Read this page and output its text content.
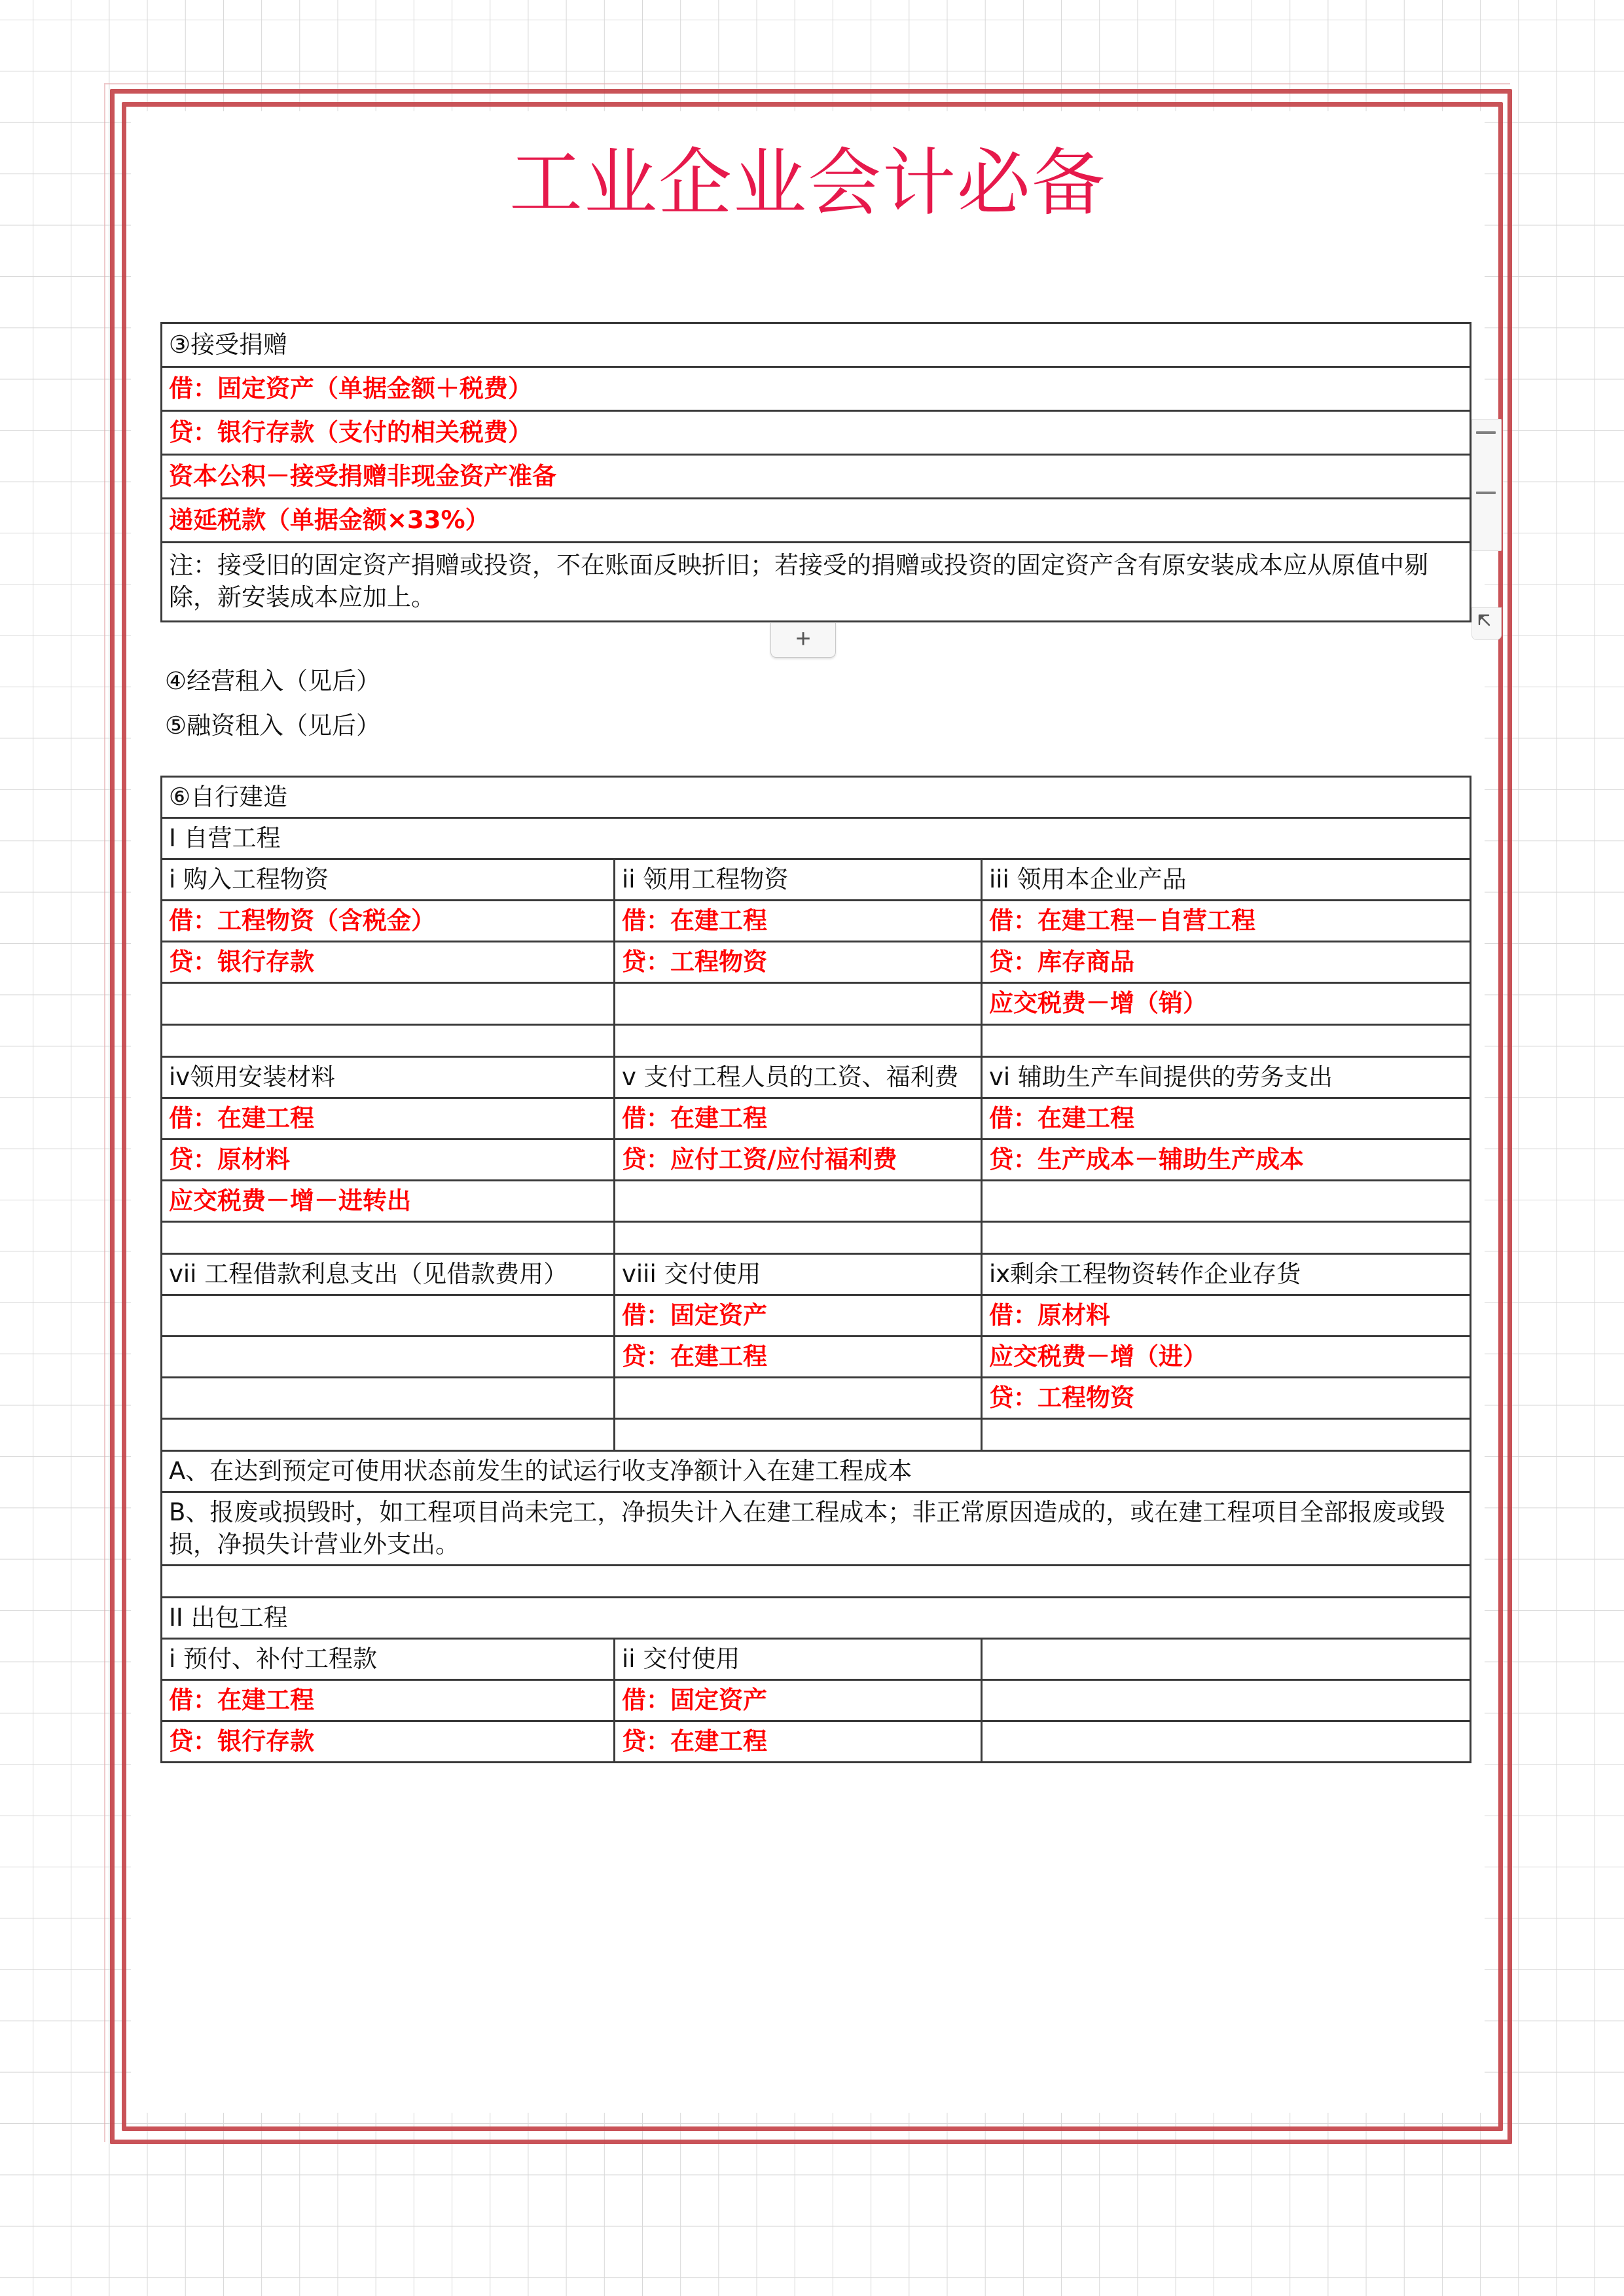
工业企业会计必备
③接受捐赠
借：固定资产（单据金额＋税费）
贷：银行存款（支付的相关税费）
资本公积－接受捐赠非现金资产准备
递延税款（单据金额×33%）
注：接受旧的固定资产捐赠或投资，不在账面反映折旧；若接受的捐赠或投资的固定资产含有原安装成本应从原值中剔除，新安装成本应加上。
④经营租入（见后）
⑤融资租入（见后）
⑥自行建造		
I 自营工程		
i 购入工程物资	ii 领用工程物资	iii 领用本企业产品
借：工程物资（含税金）	借：在建工程	借：在建工程－自营工程
贷：银行存款	贷：工程物资	贷：库存商品
		应交税费－增（销）

iv领用安装材料	v 支付工程人员的工资、福利费	vi 辅助生产车间提供的劳务支出
借：在建工程	借：在建工程	借：在建工程
贷：原材料	贷：应付工资/应付福利费	贷：生产成本－辅助生产成本
应交税费－增－进转出		

vii 工程借款利息支出（见借款费用）	viii 交付使用	ix剩余工程物资转作企业存货
	借：固定资产	借：原材料
	贷：在建工程	应交税费－增（进）
		贷：工程物资

A、在达到预定可使用状态前发生的试运行收支净额计入在建工程成本		
B、报废或损毁时，如工程项目尚未完工，净损失计入在建工程成本；非正常原因造成的，或在建工程项目全部报废或毁损，净损失计营业外支出。		

II 出包工程		
i 预付、补付工程款	ii 交付使用	
借：在建工程	借：固定资产	
贷：银行存款	贷：在建工程	
+
